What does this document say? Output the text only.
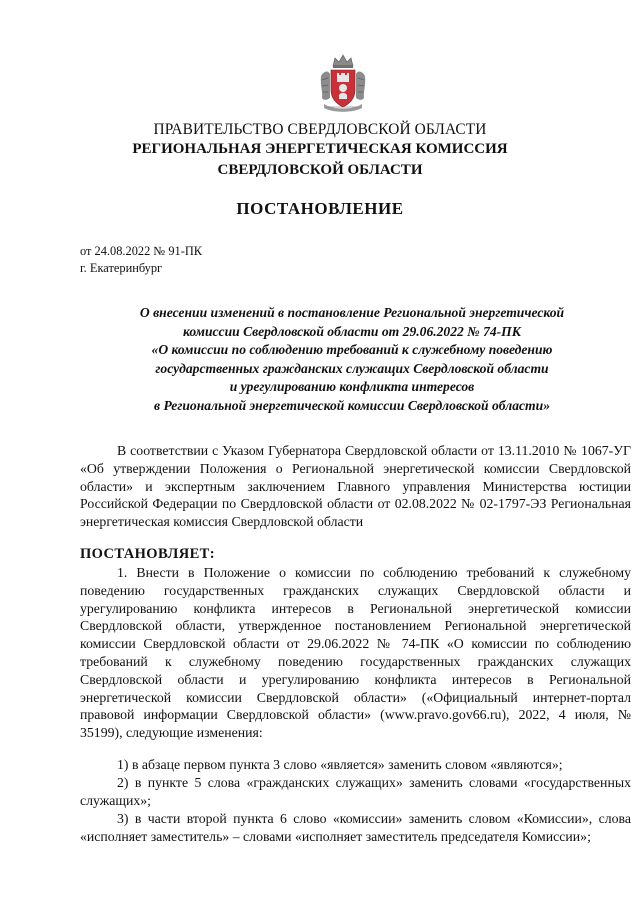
ПРАВИТЕЛЬСТВО СВЕРДЛОВСКОЙ ОБЛАСТИ
РЕГИОНАЛЬНАЯ ЭНЕРГЕТИЧЕСКАЯ КОМИССИЯ
СВЕРДЛОВСКОЙ ОБЛАСТИ
ПОСТАНОВЛЕНИЕ
от 24.08.2022 № 91-ПК
г. Екатеринбург
О внесении изменений в постановление Региональной энергетической
комиссии Свердловской области от 29.06.2022 № 74-ПК
«О комиссии по соблюдению требований к служебному поведению
государственных гражданских служащих Свердловской области
и урегулированию конфликта интересов
в Региональной энергетической комиссии Свердловской области»
В соответствии с Указом Губернатора Свердловской области от 13.11.2010 № 1067-УГ «Об утверждении Положения о Региональной энергетической комиссии Свердловской области» и экспертным заключением Главного управления Министерства юстиции Российской Федерации по Свердловской области от 02.08.2022 № 02-1797-ЭЗ Региональная энергетическая комиссия Свердловской области
ПОСТАНОВЛЯЕТ:
1. Внести в Положение о комиссии по соблюдению требований к служебному поведению государственных гражданских служащих Свердловской области и урегулированию конфликта интересов в Региональной энергетической комиссии Свердловской области, утвержденное постановлением Региональной энергетической комиссии Свердловской области от 29.06.2022 № 74-ПК «О комиссии по соблюдению требований к служебному поведению государственных гражданских служащих Свердловской области и урегулированию конфликта интересов в Региональной энергетической комиссии Свердловской области» («Официальный интернет-портал правовой информации Свердловской области» (www.pravo.gov66.ru), 2022, 4 июля, № 35199), следующие изменения:
1) в абзаце первом пункта 3 слово «является» заменить словом «являются»;
2) в пункте 5 слова «гражданских служащих» заменить словами «государственных служащих»;
3) в части второй пункта 6 слово «комиссии» заменить словом «Комиссии», слова «исполняет заместитель» – словами «исполняет заместитель председателя Комиссии»;
